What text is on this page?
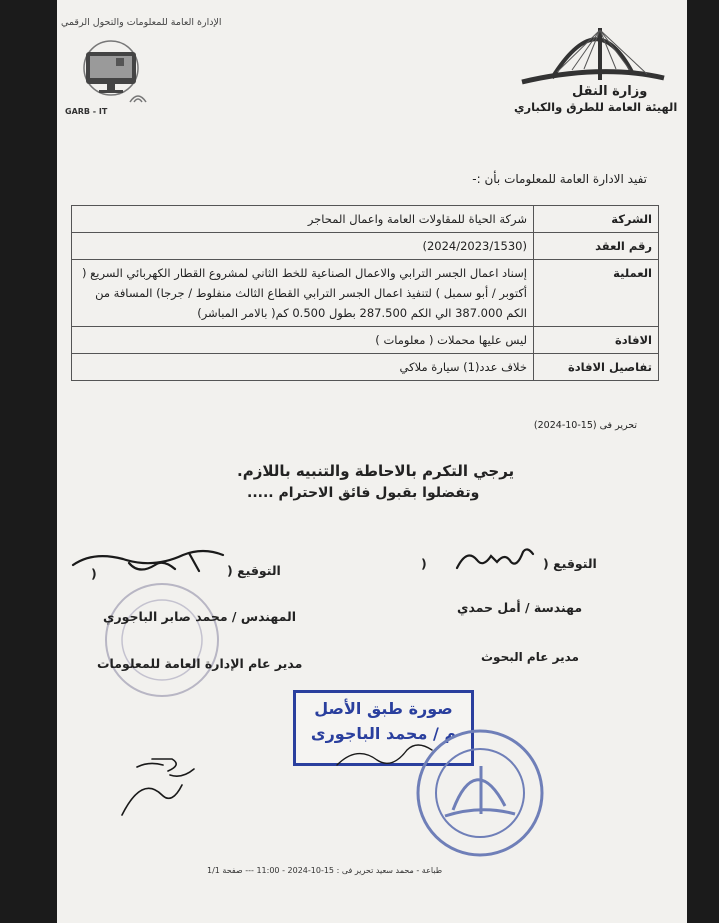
وزارة النقل
الهيئة العامة للطرق والكباري
الإدارة العامة للمعلومات والتحول الرقمي
GARB - IT
تفيد الادارة العامة للمعلومات بأن :-
الشركة	شركة الحياة للمقاولات العامة واعمال المحاجر
رقم العقد	(2024/2023/1530)
العملية	إسناد اعمال الجسر الترابي والاعمال الصناعية للخط الثاني لمشروع القطار الكهربائي السريع ( أكتوبر / أبو سمبل ) لتنفيذ اعمال الجسر الترابي القطاع الثالث منفلوط / جرجا) المسافة من الكم 387.000 الي الكم 287.500 بطول 0.500 كم( بالامر المباشر)
الافادة	ليس عليها محملات ( معلومات )
تفاصيل الافادة	خلاف عدد(1) سيارة ملاكي
تحرير فى (15-10-2024)
يرجي التكرم بالاحاطة والتنبيه باللازم.
وتفضلوا بقبول فائق الاحترام .....
التوقيع (
)
مهندسة / أمل حمدي
مدير عام البحوث
التوقيع (
)
المهندس / محمد صابر الباجوري
مدير عام الإدارة العامة للمعلومات
صورة طبق الأصل
م / محمد الباجورى
طباعة - محمد سعيد تحرير فى : 15-10-2024 - 11:00 --- صفحة 1/1
